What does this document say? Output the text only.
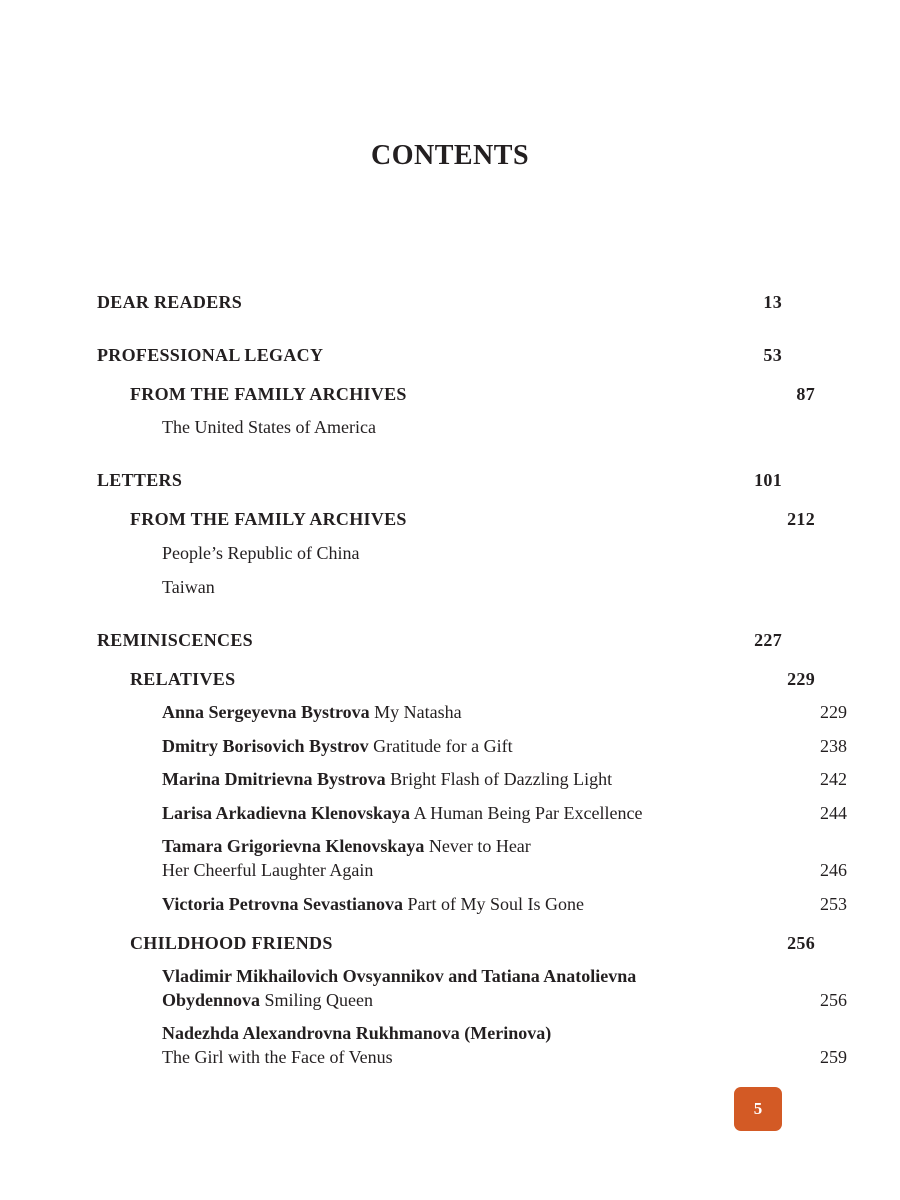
CONTENTS
DEAR READERS	13
PROFESSIONAL LEGACY	53
FROM THE FAMILY ARCHIVES	87
The United States of America
LETTERS	101
FROM THE FAMILY ARCHIVES	212
People’s Republic of China
Taiwan
REMINISCENCES	227
RELATIVES	229
Anna Sergeyevna Bystrova My Natasha	229
Dmitry Borisovich Bystrov Gratitude for a Gift	238
Marina Dmitrievna Bystrova Bright Flash of Dazzling Light	242
Larisa Arkadievna Klenovskaya A Human Being Par Excellence	244
Tamara Grigorievna Klenovskaya Never to Hear
Her Cheerful Laughter Again	246
Victoria Petrovna Sevastianova Part of My Soul Is Gone	253
CHILDHOOD FRIENDS	256
Vladimir Mikhailovich Ovsyannikov and Tatiana Anatolievna
Obydennova Smiling Queen	256
Nadezhda Alexandrovna Rukhmanova (Merinova)
The Girl with the Face of Venus	259
5
